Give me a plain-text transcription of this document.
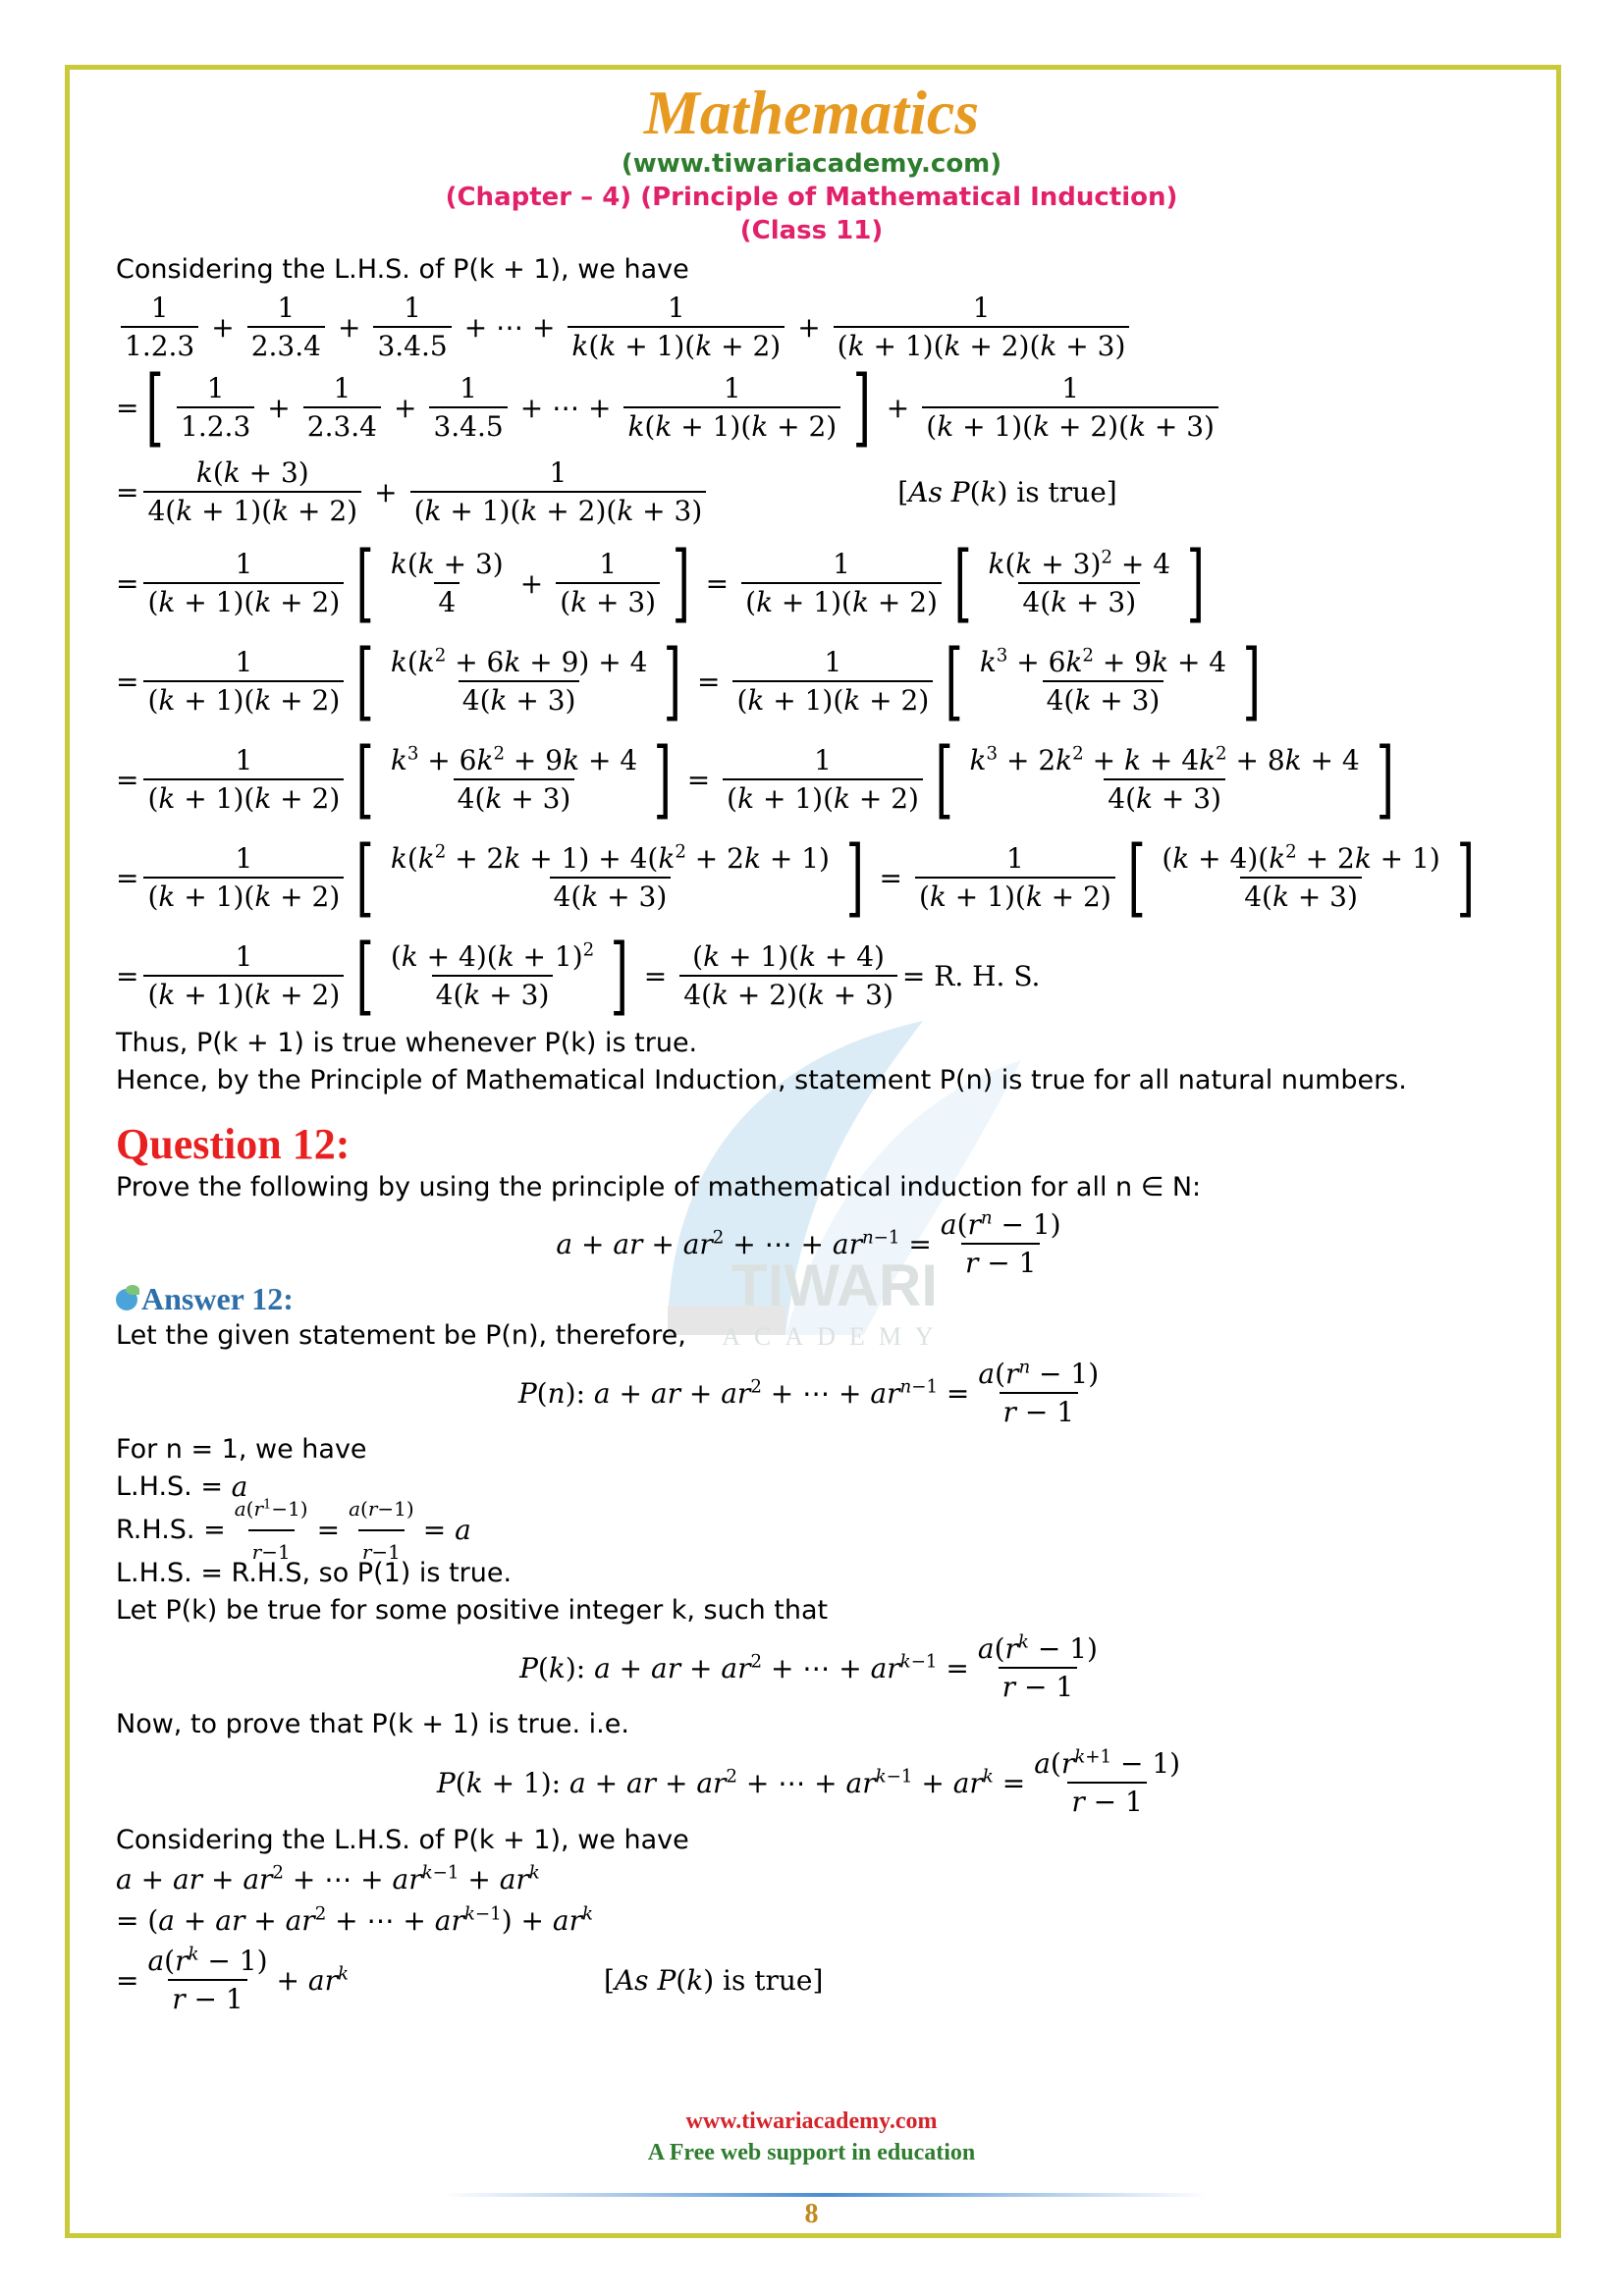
Mathematics
(www.tiwariacademy.com)
(Chapter – 4) (Principle of Mathematical Induction)
(Class 11)
TIWARI
ACADEMY
Considering the L.H.S. of P(k + 1), we have
$\frac{1}{1.2.3} + \frac{1}{2.3.4} + \frac{1}{3.4.5}$ + ⋯ + $\frac{1}{k(k + 1)(k + 2)} + \frac{1}{(k + 1)(k + 2)(k + 3)}$
= [ $\frac{1}{1.2.3} + \frac{1}{2.3.4} + \frac{1}{3.4.5}$ + ⋯ + $\frac{1}{k(k + 1)(k + 2)}$ ] + $\frac{1}{(k + 1)(k + 2)(k + 3)}$
= $\frac{k(k + 3)}{4(k + 1)(k + 2)} + \frac{1}{(k + 1)(k + 2)(k + 3)}$	[As P(k) is true]
= $\frac{1}{(k + 1)(k + 2)}$ [ $\frac{k(k + 3)}{4} + \frac{1}{(k + 3)}$ ] = $\frac{1}{(k + 1)(k + 2)}$ [ $\frac{k(k + 3)^2 + 4}{4(k + 3)}$ ]
= $\frac{1}{(k + 1)(k + 2)}$ [ $\frac{k(k^2 + 6k + 9) + 4}{4(k + 3)}$ ] = $\frac{1}{(k + 1)(k + 2)}$ [ $\frac{k^3 + 6k^2 + 9k + 4}{4(k + 3)}$ ]
= $\frac{1}{(k + 1)(k + 2)}$ [ $\frac{k^3 + 6k^2 + 9k + 4}{4(k + 3)}$ ] = $\frac{1}{(k + 1)(k + 2)}$ [ $\frac{k^3 + 2k^2 + k + 4k^2 + 8k + 4}{4(k + 3)}$ ]
= $\frac{1}{(k + 1)(k + 2)}$ [ $\frac{k(k^2 + 2k + 1) + 4(k^2 + 2k + 1)}{4(k + 3)}$ ] = $\frac{1}{(k + 1)(k + 2)}$ [ $\frac{(k + 4)(k^2 + 2k + 1)}{4(k + 3)}$ ]
= $\frac{1}{(k + 1)(k + 2)}$ [ $\frac{(k + 4)(k + 1)^2}{4(k + 3)}$ ] = $\frac{(k + 1)(k + 4)}{4(k + 2)(k + 3)} = R$. H. S.
Thus, P(k + 1) is true whenever P(k) is true.
Hence, by the Principle of Mathematical Induction, statement P(n) is true for all natural numbers.
Question 12:
Prove the following by using the principle of mathematical induction for all n ∈ N:
a + ar + $ar^2$ + ⋯ + $ar^{n-1} = \frac{a(r^n - 1)}{r - 1}$
Answer 12:
Let the given statement be P(n), therefore,
P(n): a + ar + $ar^2$ + ⋯ + $ar^{n-1} = \frac{a(r^n - 1)}{r - 1}$
For n = 1, we have
L.H.S. =
a
R.H.S. = $\frac{a(r^1-1)}{r-1} = \frac{a(r-1)}{r-1} = a$
L.H.S. = R.H.S, so P(1) is true.
Let P(k) be true for some positive integer k, such that
P(k): a + ar + $ar^2$ + ⋯ + $ar^{k-1} = \frac{a(r^k - 1)}{r - 1}$
Now, to prove that P(k + 1) is true. i.e.
P(k + 1): a + ar + $ar^2$ + ⋯ + $ar^{k-1} + ar^k = \frac{a(r^{k+1} - 1)}{r - 1}$
Considering the L.H.S. of P(k + 1), we have
a + ar + $ar^2$ + ⋯ + $ar^{k-1} + ar^k$
= (a + ar + $ar^2$ + ⋯ + $ar^{k-1}) + ar^k$
= $\frac{a(r^k - 1)}{r - 1} + ar^k$	[As P(k) is true]
www.tiwariacademy.com
A Free web support in education
8
